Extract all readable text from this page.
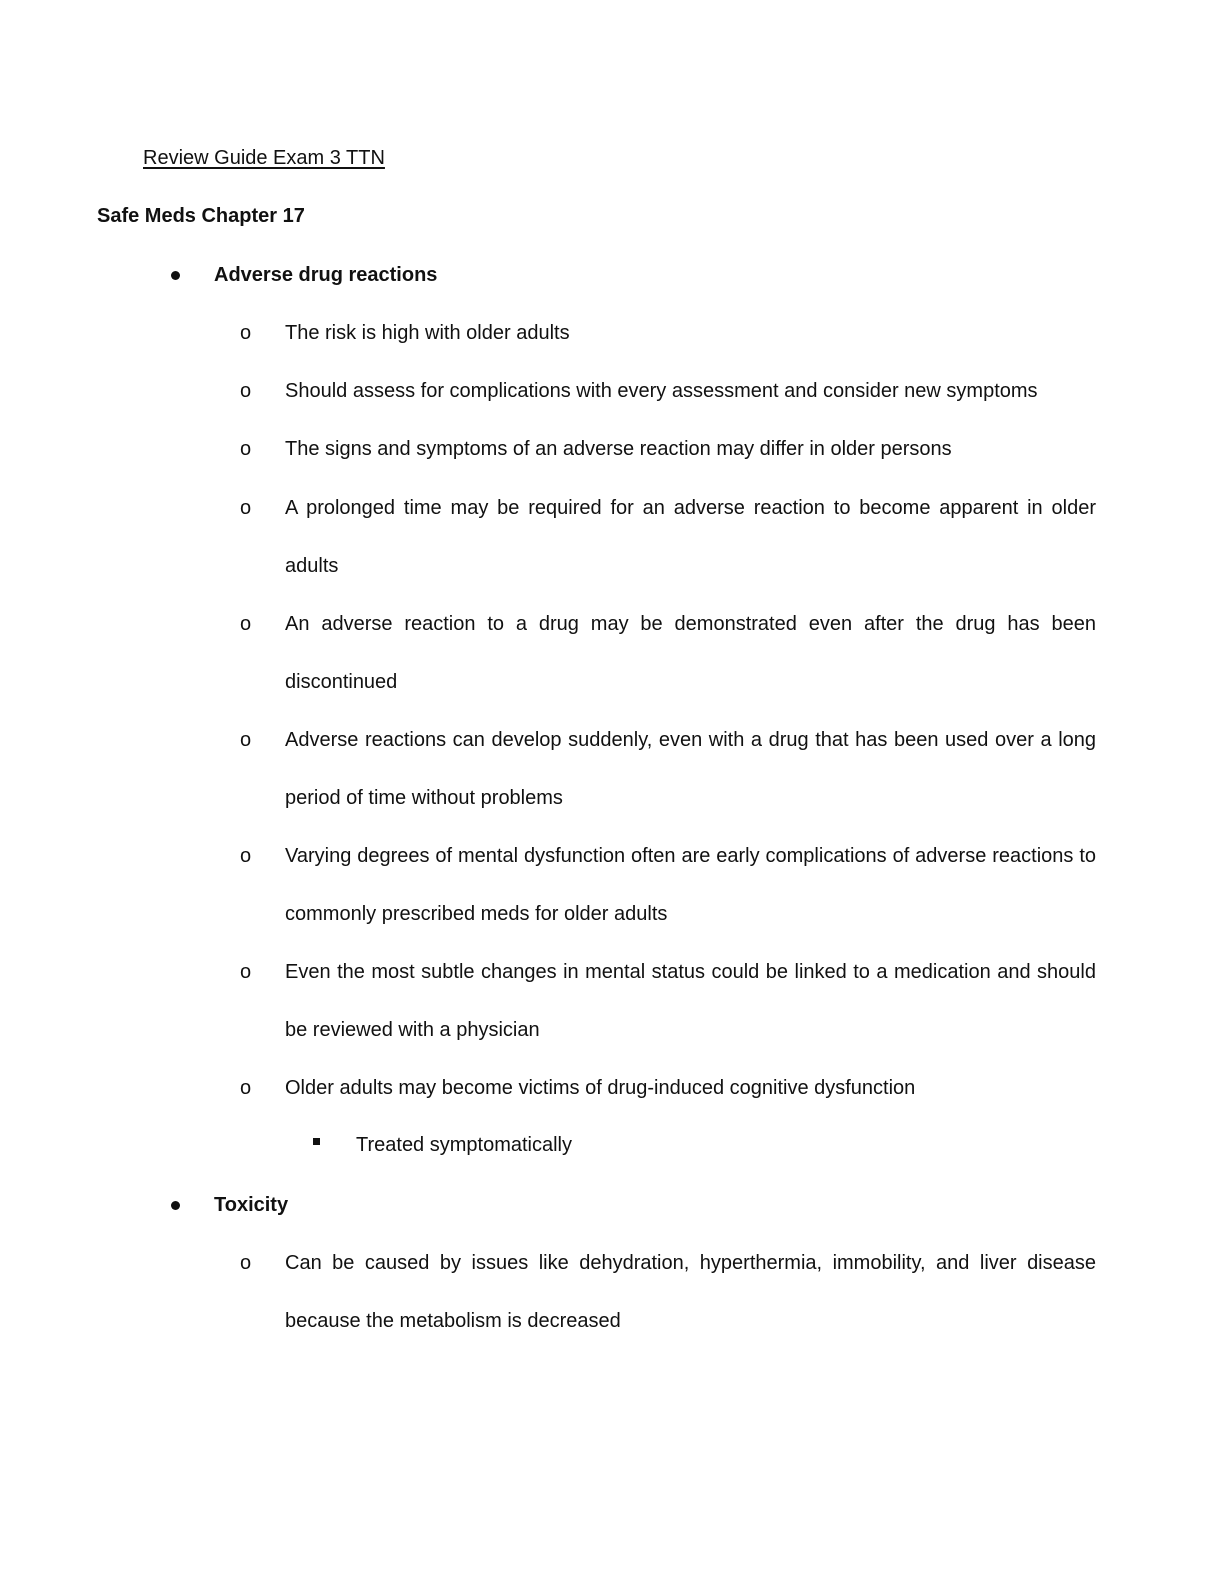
Review Guide Exam 3 TTN
Safe Meds Chapter 17
Adverse drug reactions
o The risk is high with older adults
o Should assess for complications with every assessment and consider new symptoms
o The signs and symptoms of an adverse reaction may differ in older persons
o A prolonged time may be required for an adverse reaction to become apparent in older adults
o An adverse reaction to a drug may be demonstrated even after the drug has been discontinued
o Adverse reactions can develop suddenly, even with a drug that has been used over a long period of time without problems
o Varying degrees of mental dysfunction often are early complications of adverse reactions to commonly prescribed meds for older adults
o Even the most subtle changes in mental status could be linked to a medication and should be reviewed with a physician
o Older adults may become victims of drug-induced cognitive dysfunction
Treated symptomatically
Toxicity
o Can be caused by issues like dehydration, hyperthermia, immobility, and liver disease because the metabolism is decreased
